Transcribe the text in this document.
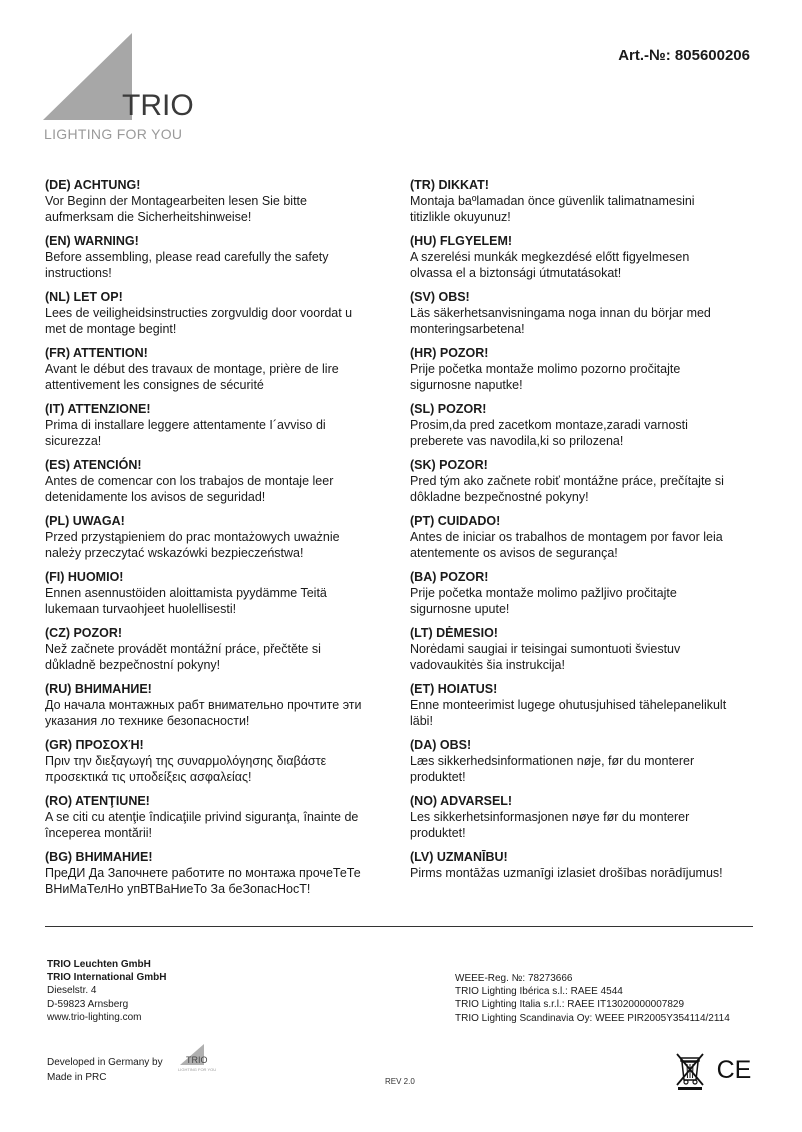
TRIO
LIGHTING FOR YOU
Art.-№: 805600206

(DE) ACHTUNG!

Vor Beginn der Montagearbeiten lesen Sie bitte

aufmerksam die Sicherheitshinweise!

(EN) WARNING!

Before assembling, please read carefully the safety

instructions!

(NL) LET OP!

Lees de veiligheidsinstructies zorgvuldig door voordat u

met de montage begint!

(FR) ATTENTION!

Avant le début des travaux de montage, prière de lire

attentivement les consignes de sécurité

(IT) ATTENZIONE!

Prima di installare leggere attentamente I´avviso di

sicurezza!

(ES) ATENCIÓN!

Antes de comencar con los trabajos de montaje leer

detenidamente los avisos de seguridad!

(PL) UWAGA!

Przed przystąpieniem do prac montażowych uważnie

należy przeczytać wskazówki bezpieczeństwa!

(FI) HUOMIO!

Ennen asennustöiden aloittamista pyydämme Teitä

lukemaan turvaohjeet huolellisesti!

(CZ) POZOR!

Než začnete provádět montážní práce, přečtěte si

důkladně bezpečnostní pokyny!

(RU) ВНИМАНИЕ!

До начала монтажных рабт внимательно прочтите эти

указания ло технике безопасности!

(GR) ΠΡΟΣΟΧΉ!

Πριν την διεξαγωγή της συναρμολόγησης διαβάστε

προσεκτικά τις υποδείξεις ασφαλείας!

(RO) ATENŢIUNE!

A se citi cu atenţie îndicaţiile privind siguranţa, înainte de

începerea montării!

(BG) ВНИМАНИЕ!

ПреДИ Да Започнете работите по монтажа прочеТеТе

ВНиМаТелНо упВТВаНиеТо За беЗопасНосТ!

(TR) DIKKAT!

Montaja baºlamadan önce güvenlik talimatnamesini

titizlikle okuyunuz!

(HU) FLGYELEM!

A szerelési munkák megkezdésé előtt figyelmesen

olvassa el a biztonsági útmutatásokat!

(SV) OBS!

Läs säkerhetsanvisningama noga innan du börjar med

monteringsarbetena!

(HR) POZOR!

Prije početka montaže molimo pozorno pročitajte

sigurnosne naputke!

(SL) POZOR!

Prosim,da pred zacetkom montaze,zaradi varnosti

preberete vas navodila,ki so prilozena!

(SK) POZOR!

Pred tým ako začnete robiť montážne práce, prečítajte si

dôkladne bezpečnostné pokyny!

(PT) CUIDADO!

Antes de iniciar os trabalhos de montagem por favor leia

atentemente os avisos de segurança!

(BA) POZOR!

Prije početka montaže molimo pažljivo pročitajte

sigurnosne upute!

(LT) DĖMESIO!

Norėdami saugiai ir teisingai sumontuoti šviestuv

vadovaukitės šia instrukcija!

(ET) HOIATUS!

Enne monteerimist lugege ohutusjuhised tähelepanelikult

läbi!

(DA) OBS!

Læs sikkerhedsinformationen nøje, før du monterer

produktet!

(NO) ADVARSEL!

Les sikkerhetsinformasjonen nøye før du monterer

produktet!

(LV) UZMANĪBU!

Pirms montāžas uzmanīgi izlasiet drošības norādījumus!

TRIO Leuchten GmbH
TRIO International GmbH
Dieselstr. 4
D-59823 Arnsberg
www.trio-lighting.com
WEEE-Reg. №: 78273666
TRIO Lighting Ibérica s.l.: RAEE 4544
TRIO Lighting Italia s.r.l.: RAEE IT13020000007829
TRIO Lighting Scandinavia Oy: WEEE PIR2005Y354114/2114
Developed in Germany by
Made in PRC
TRIO
LIGHTING FOR YOU
REV 2.0	CE
